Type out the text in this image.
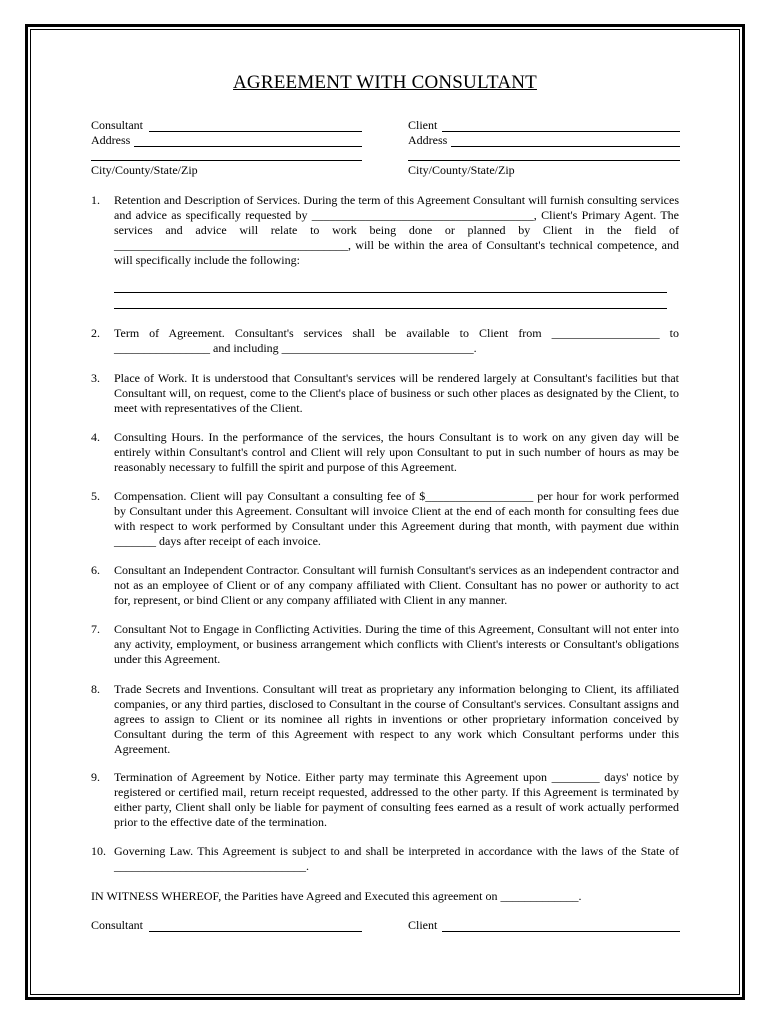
AGREEMENT WITH CONSULTANT
Consultant
Address
City/County/State/Zip
Client
Address
City/County/State/Zip
1. Retention and Description of Services. During the term of this Agreement Consultant will furnish consulting services and advice as specifically requested by _____________________________________, Client's Primary Agent. The services and advice will relate to work being done or planned by Client in the field of _______________________________________, will be within the area of Consultant's technical competence, and will specifically include the following:
2. Term of Agreement. Consultant's services shall be available to Client from __________________ to ________________ and including ________________________________.
3. Place of Work. It is understood that Consultant's services will be rendered largely at Consultant's facilities but that Consultant will, on request, come to the Client's place of business or such other places as designated by the Client, to meet with representatives of the Client.
4. Consulting Hours. In the performance of the services, the hours Consultant is to work on any given day will be entirely within Consultant's control and Client will rely upon Consultant to put in such number of hours as may be reasonably necessary to fulfill the spirit and purpose of this Agreement.
5. Compensation. Client will pay Consultant a consulting fee of $__________________ per hour for work performed by Consultant under this Agreement. Consultant will invoice Client at the end of each month for consulting fees due with respect to work performed by Consultant under this Agreement during that month, with payment due within _______ days after receipt of each invoice.
6. Consultant an Independent Contractor. Consultant will furnish Consultant's services as an independent contractor and not as an employee of Client or of any company affiliated with Client. Consultant has no power or authority to act for, represent, or bind Client or any company affiliated with Client in any manner.
7. Consultant Not to Engage in Conflicting Activities. During the time of this Agreement, Consultant will not enter into any activity, employment, or business arrangement which conflicts with Client's interests or Consultant's obligations under this Agreement.
8. Trade Secrets and Inventions. Consultant will treat as proprietary any information belonging to Client, its affiliated companies, or any third parties, disclosed to Consultant in the course of Consultant's services. Consultant assigns and agrees to assign to Client or its nominee all rights in inventions or other proprietary information conceived by Consultant during the term of this Agreement with respect to any work which Consultant performs under this Agreement.
9. Termination of Agreement by Notice. Either party may terminate this Agreement upon ________ days' notice by registered or certified mail, return receipt requested, addressed to the other party. If this Agreement is terminated by either party, Client shall only be liable for payment of consulting fees earned as a result of work actually performed prior to the effective date of the termination.
10. Governing Law. This Agreement is subject to and shall be interpreted in accordance with the laws of the State of ________________________________.
IN WITNESS WHEREOF, the Parities have Agreed and Executed this agreement on _____________.
Consultant	Client
